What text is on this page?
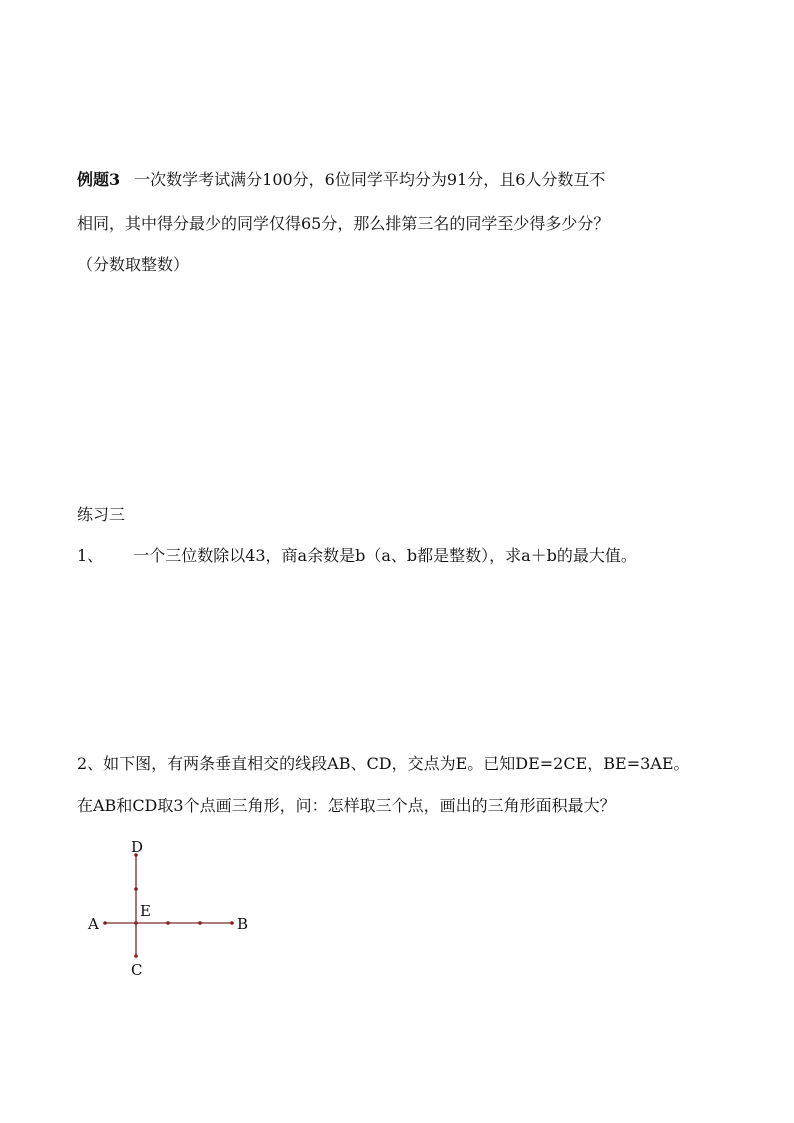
例题3 一次数学考试满分100分，6位同学平均分为91分，且6人分数互不
相同，其中得分最少的同学仅得65分，那么排第三名的同学至少得多少分？
（分数取整数）
练习三
1、 一个三位数除以43，商a余数是b（a、b都是整数），求a＋b的最大值。
2、如下图，有两条垂直相交的线段AB、CD，交点为E。已知DE=2CE，BE=3AE。
在AB和CD取3个点画三角形，问：怎样取三个点，画出的三角形面积最大？
A	B
C
D
E
